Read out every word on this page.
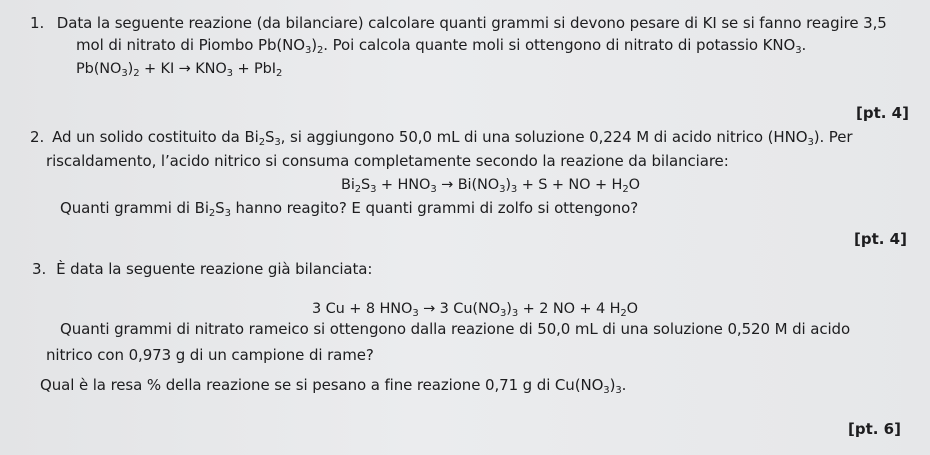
1. Data la seguente reazione (da bilanciare) calcolare quanti grammi si devono pesare di KI se si fanno reagire 3,5
mol di nitrato di Piombo $Pb(NO_3)_2$. Poi calcola quante moli si ottengono di nitrato di potassio $KNO_3$.
$Pb(NO_3)_2$ + KI → $KNO_3 + PbI_2$
[pt. 4]
2. Ad un solido costituito da $Bi_2S_3$, si aggiungono 50,0 mL di una soluzione 0,224 M di acido nitrico $(HNO_3)$. Per
riscaldamento, l’acido nitrico si consuma completamente secondo la reazione da bilanciare:
$Bi_2S_3 + HNO_3 \to Bi(NO_3)_3 + S$ + NO + $H_2O$
Quanti grammi di $Bi_2S_3$ hanno reagito? E quanti grammi di zolfo si ottengono?
[pt. 4]
3. È data la seguente reazione già bilanciata:
3 Cu + 8 $HNO_3 \to 3$ $Cu(NO_3)_3 + 2$ NO + 4 $H_2O$
Quanti grammi di nitrato rameico si ottengono dalla reazione di 50,0 mL di una soluzione 0,520 M di acido
nitrico con 0,973 g di un campione di rame?
Qual è la resa % della reazione se si pesano a fine reazione 0,71 g di $Cu(NO_3)_3$.
[pt. 6]
